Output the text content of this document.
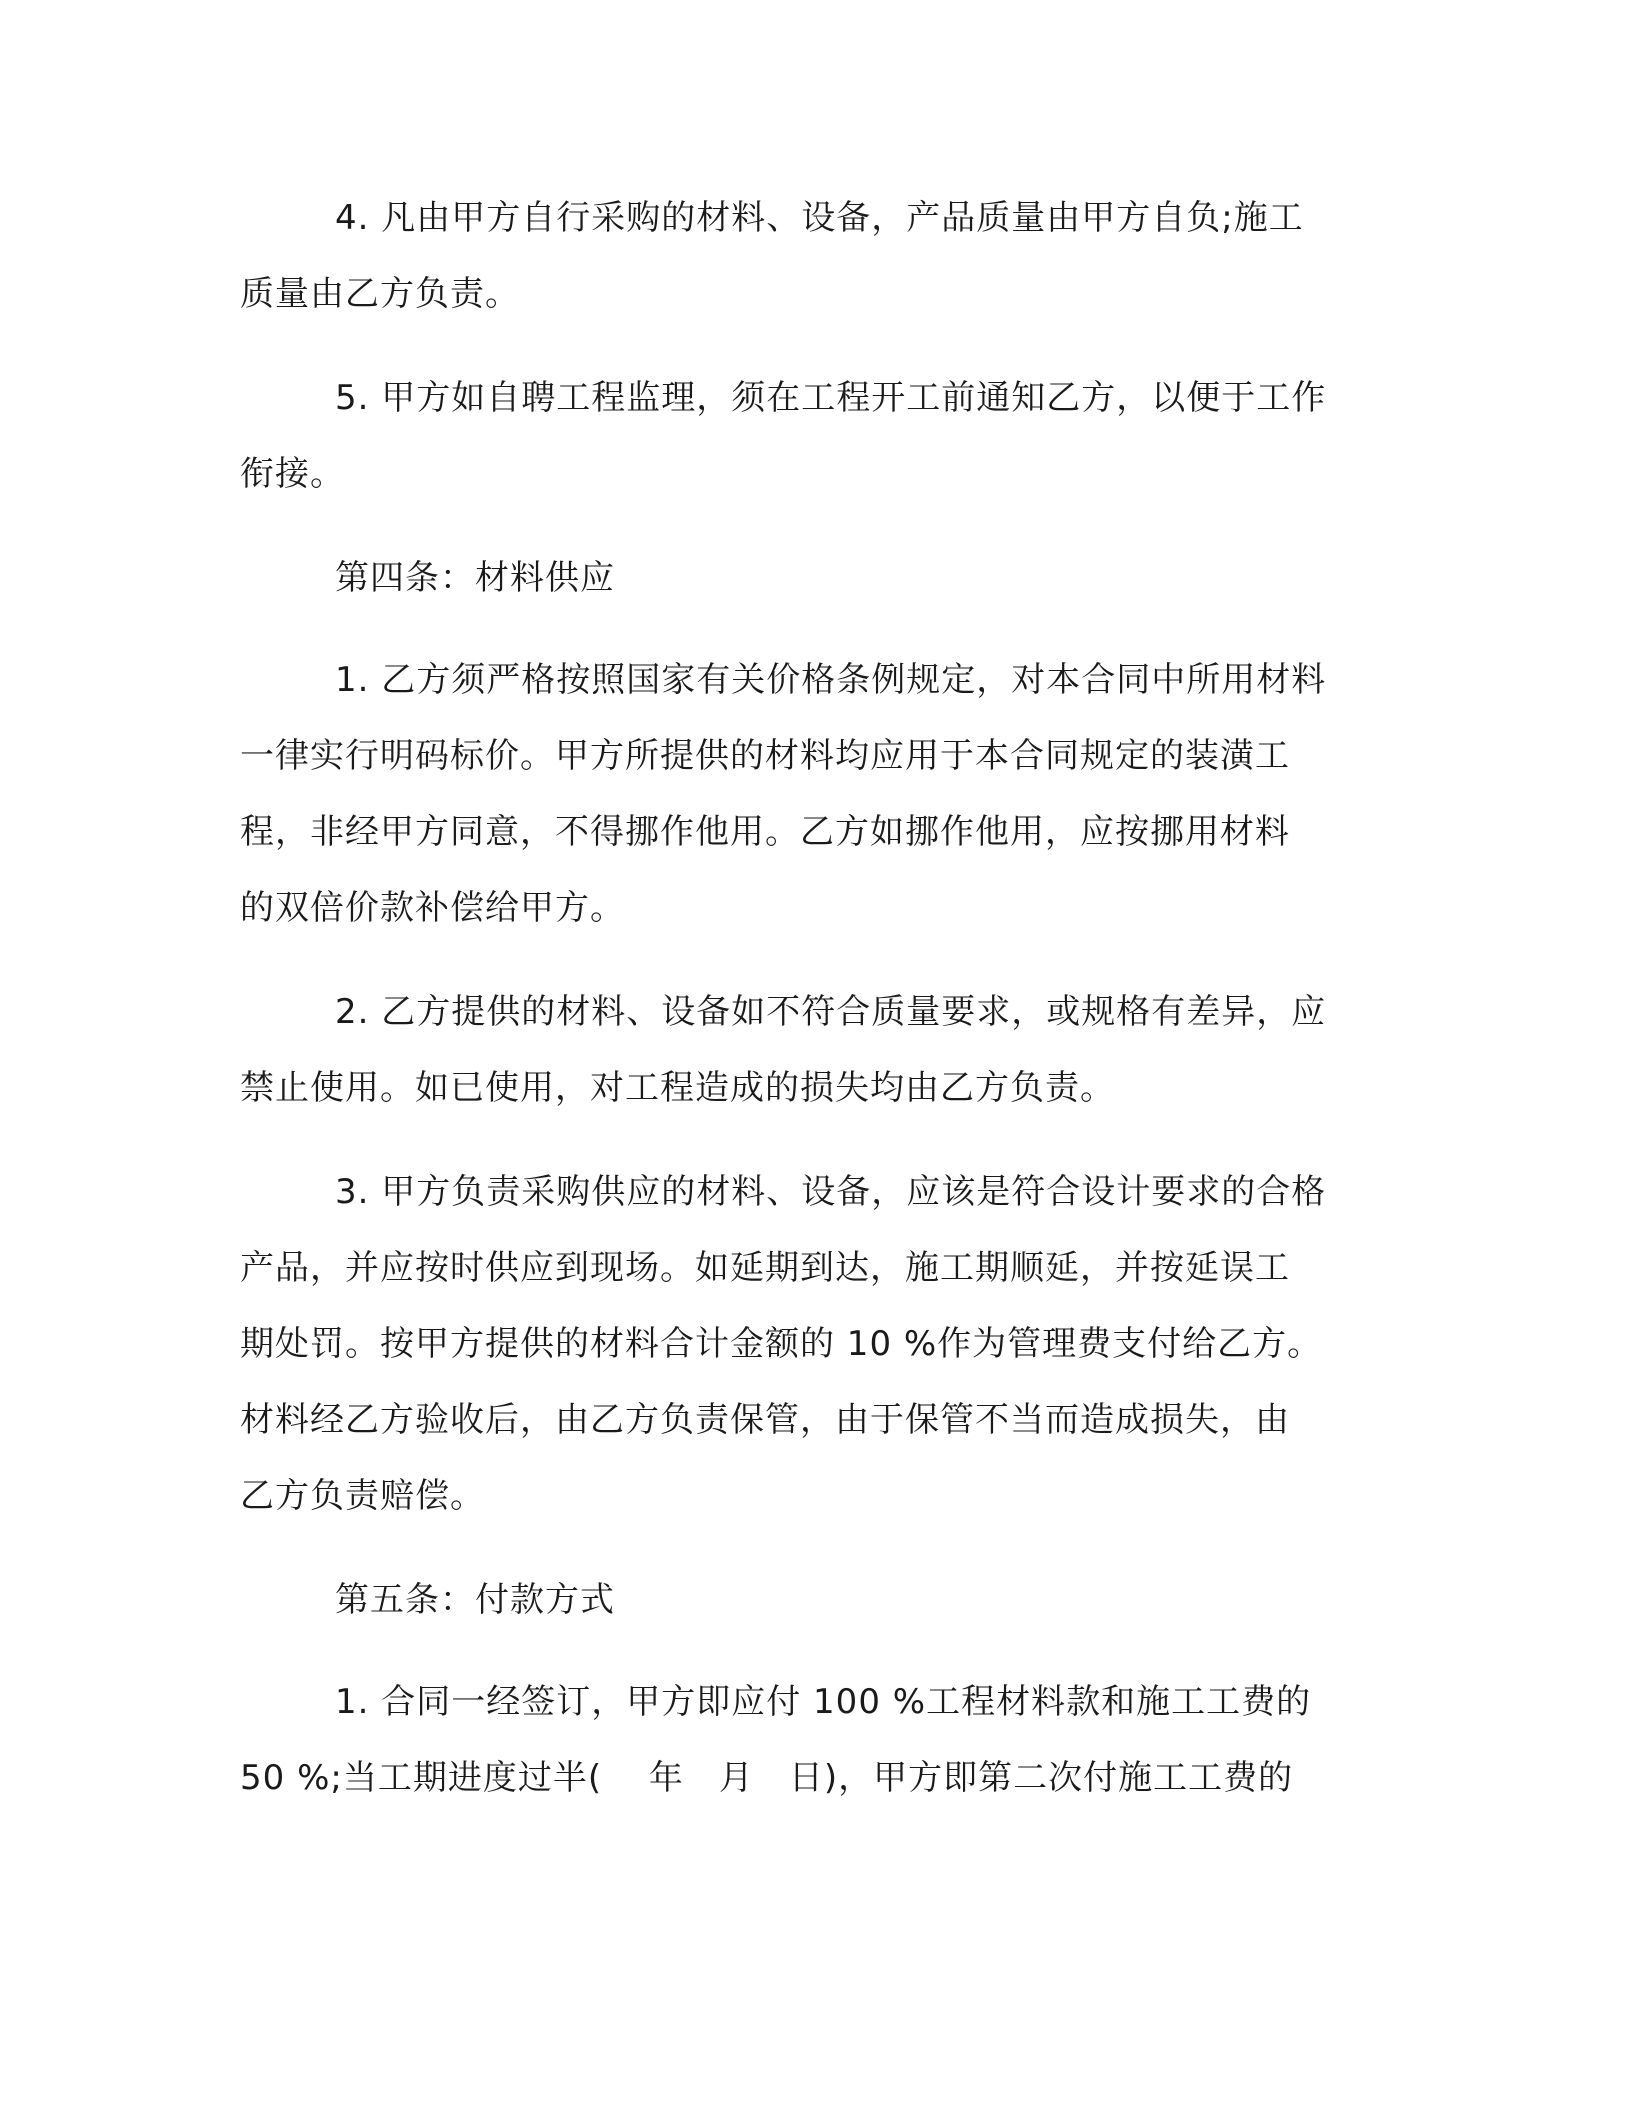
4. 凡由甲方自行采购的材料、设备，产品质量由甲方自负;施工
质量由乙方负责。
5. 甲方如自聘工程监理，须在工程开工前通知乙方，以便于工作
衔接。
第四条：材料供应
1. 乙方须严格按照国家有关价格条例规定，对本合同中所用材料
一律实行明码标价。甲方所提供的材料均应用于本合同规定的装潢工
程，非经甲方同意，不得挪作他用。乙方如挪作他用，应按挪用材料
的双倍价款补偿给甲方。
2. 乙方提供的材料、设备如不符合质量要求，或规格有差异，应
禁止使用。如已使用，对工程造成的损失均由乙方负责。
3. 甲方负责采购供应的材料、设备，应该是符合设计要求的合格
产品，并应按时供应到现场。如延期到达，施工期顺延，并按延误工
期处罚。按甲方提供的材料合计金额的 10 %作为管理费支付给乙方。
材料经乙方验收后，由乙方负责保管，由于保管不当而造成损失，由
乙方负责赔偿。
第五条：付款方式
1. 合同一经签订，甲方即应付 100 %工程材料款和施工工费的
50 %;当工期进度过半(　 年　月　日)，甲方即第二次付施工工费的
